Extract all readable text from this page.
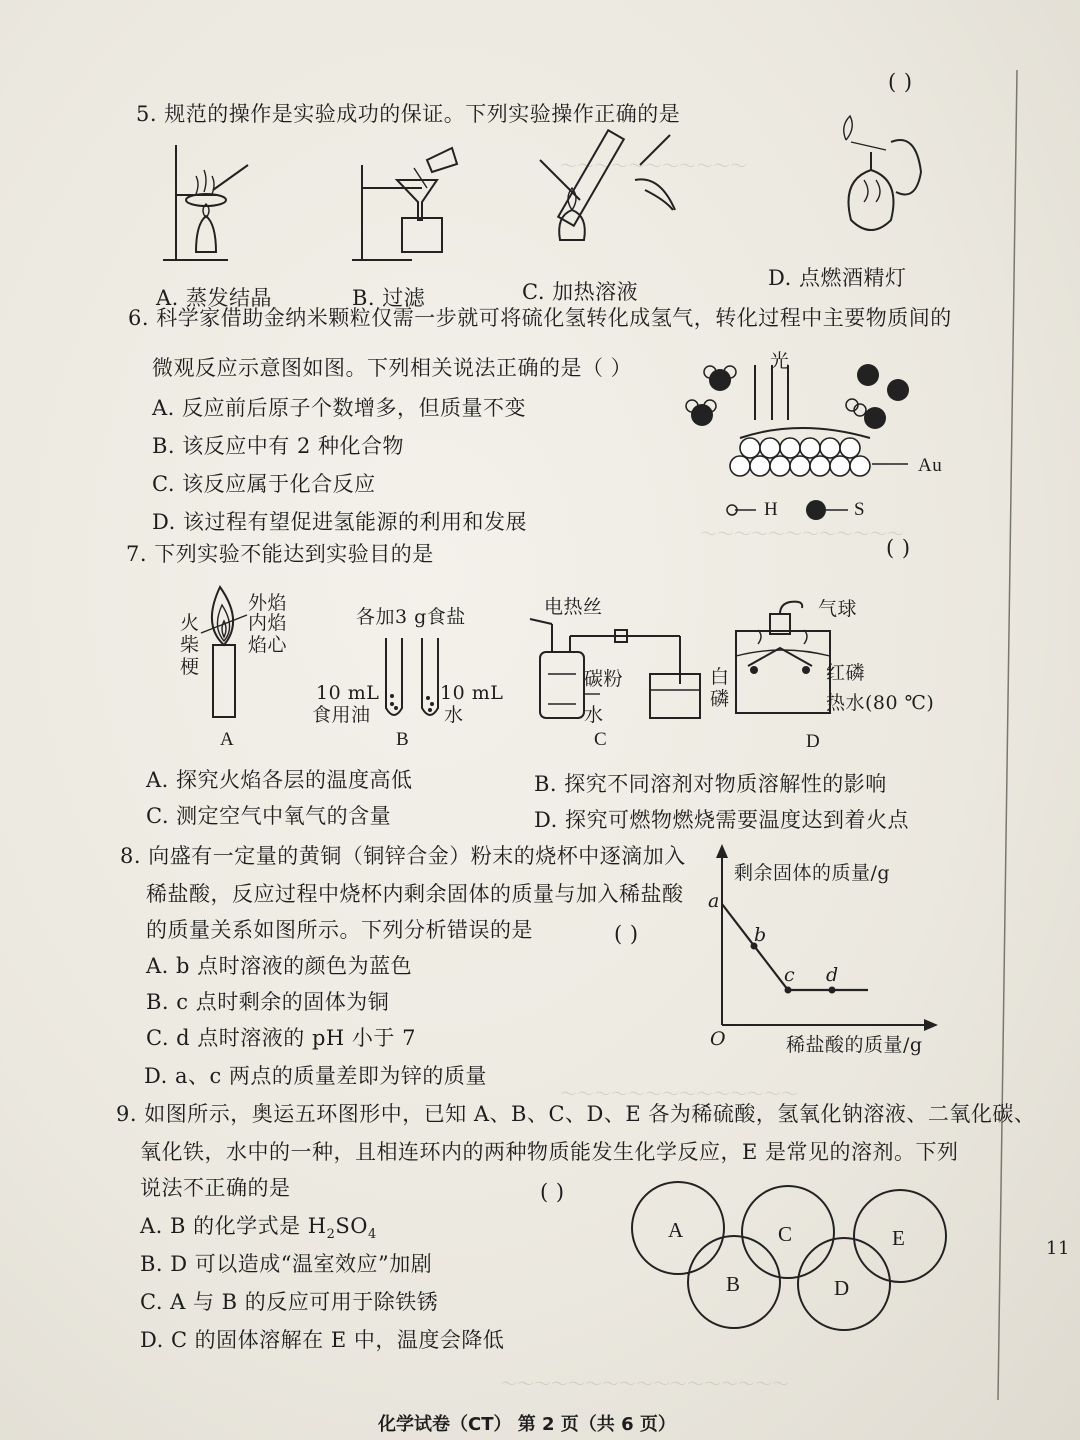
～～～～～～～～～～～
～～～～～～～～～～～～
～～～～～～～～～～～～～～
～～～～～～～～～～～～～～～～～
11
( )
5. 规范的操作是实验成功的保证。下列实验操作正确的是
A. 蒸发结晶	B. 过滤	C. 加热溶液
D. 点燃酒精灯
6. 科学家借助金纳米颗粒仅需一步就可将硫化氢转化成氢气，转化过程中主要物质间的
微观反应示意图如图。下列相关说法正确的是（ ）
A. 反应前后原子个数增多，但质量不变
B. 该反应中有 2 种化合物
C. 该反应属于化合反应
D. 该过程有望促进氢能源的利用和发展
光
Au
H	S
7. 下列实验不能达到实验目的是	( )
外焰
内焰
焰心
火
柴
梗
A
各加3 g食盐
10 mL
食用油
10 mL
水
B
电热丝
碳粉
水
C
气球
白
磷
红磷
热水(80 ℃)
D
A. 探究火焰各层的温度高低	B. 探究不同溶剂对物质溶解性的影响
C. 测定空气中氧气的含量	D. 探究可燃物燃烧需要温度达到着火点
8. 向盛有一定量的黄铜（铜锌合金）粉末的烧杯中逐滴加入
稀盐酸，反应过程中烧杯内剩余固体的质量与加入稀盐酸
的质量关系如图所示。下列分析错误的是	( )
A. b 点时溶液的颜色为蓝色
B. c 点时剩余的固体为铜
C. d 点时溶液的 pH 小于 7
D. a、c 两点的质量差即为锌的质量
剩余固体的质量/g
稀盐酸的质量/g
O
a
b
c d
9. 如图所示，奥运五环图形中，已知 A、B、C、D、E 各为稀硫酸，氢氧化钠溶液、二氧化碳、
氧化铁，水中的一种，且相连环内的两种物质能发生化学反应，E 是常见的溶剂。下列
说法不正确的是	( )
A. B 的化学式是 $H_2SO_4$
B. D 可以造成“温室效应”加剧
C. A 与 B 的反应可用于除铁锈
D. C 的固体溶解在 E 中，温度会降低
A
B
C
D
E
化学试卷（CT） 第 2 页（共 6 页）
